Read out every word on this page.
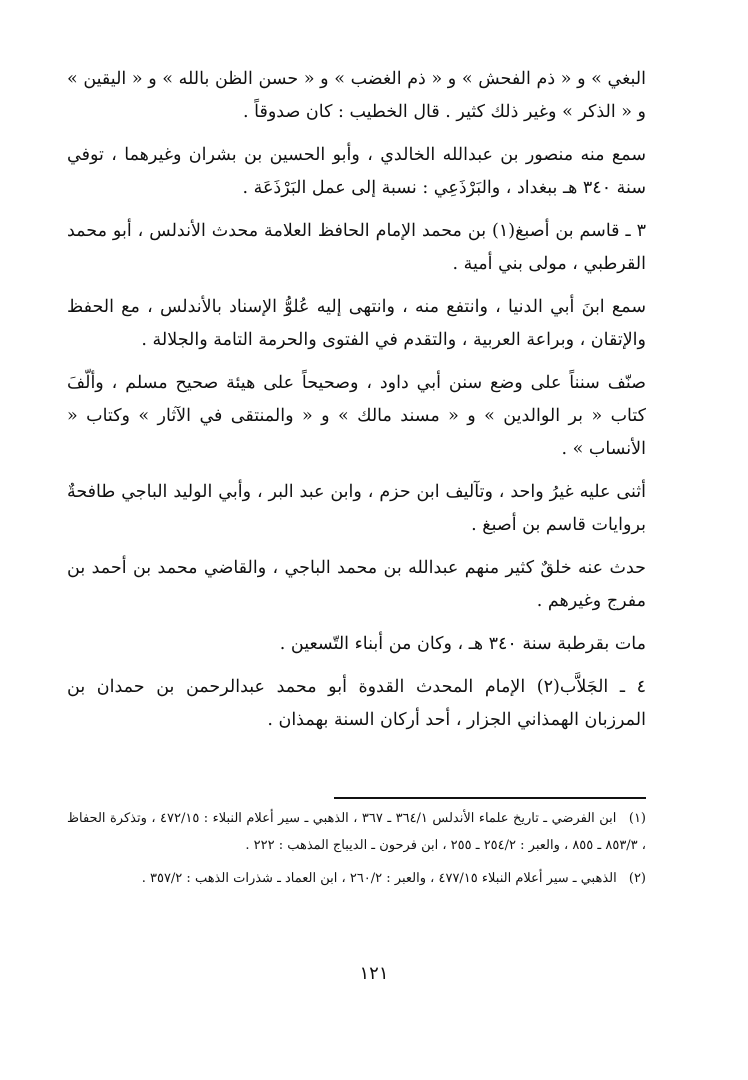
البغي » و « ذم الفحش » و « ذم الغضب » و « حسن الظن بالله » و « اليقين » و « الذكر » وغير ذلك كثير . قال الخطيب : كان صدوقاً .

سمع منه منصور بن عبدالله الخالدي ، وأبو الحسين بن بشران وغيرهما ، توفي سنة ٣٤٠ هـ ببغداد ، والبَرْذَعِي : نسبة إلى عمل البَرْذَعَة .

٣ ـ قاسم بن أصبغ(١) بن محمد الإمام الحافظ العلامة محدث الأندلس ، أبو محمد القرطبي ، مولى بني أمية .

سمع ابنَ أبي الدنيا ، وانتفع منه ، وانتهى إليه عُلوُّ الإسناد بالأندلس ، مع الحفظ والإتقان ، وبراعة العربية ، والتقدم في الفتوى والحرمة التامة والجلالة .

صنّف سنناً على وضع سنن أبي داود ، وصحيحاً على هيئة صحيح مسلم ، وألّفَ كتاب « بر الوالدين » و « مسند مالك » و « والمنتقى في الآثار » وكتاب « الأنساب » .

أثنى عليه غيرُ واحد ، وتآليف ابن حزم ، وابن عبد البر ، وأبي الوليد الباجي طافحةٌ بروايات قاسم بن أصبغ .

حدث عنه خلقٌ كثير منهم عبدالله بن محمد الباجي ، والقاضي محمد بن أحمد بن مفرج وغيرهم .

مات بقرطبة سنة ٣٤٠ هـ ، وكان من أبناء التّسعين .

٤ ـ الجَلاَّب(٢) الإمام المحدث القدوة أبو محمد عبدالرحمن بن حمدان بن المرزبان الهمذاني الجزار ، أحد أركان السنة بهمذان .

(١) ابن الفرضي ـ تاريخ علماء الأندلس ٣٦٤/١ ـ ٣٦٧ ، الذهبي ـ سير أعلام النبلاء : ٤٧٢/١٥ ، وتذكرة الحفاظ ، ٨٥٣/٣ ـ ٨٥٥ ، والعبر : ٢٥٤/٢ ـ ٢٥٥ ، ابن فرحون ـ الديباج المذهب : ٢٢٢ .

(٢) الذهبي ـ سير أعلام النبلاء ٤٧٧/١٥ ، والعبر : ٢٦٠/٢ ، ابن العماد ـ شذرات الذهب : ٣٥٧/٢ .

١٢١
